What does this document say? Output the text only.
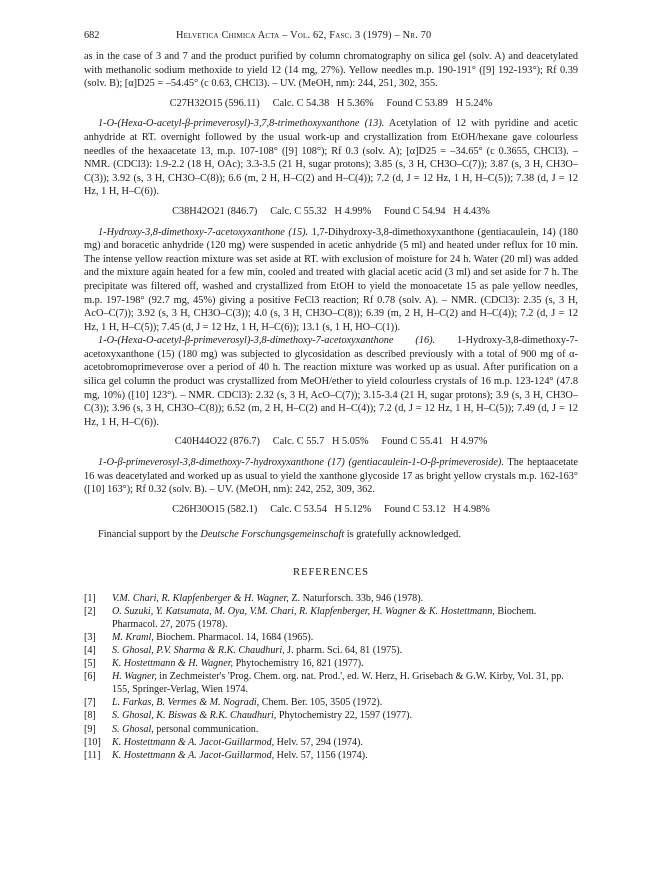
682	Helvetica Chimica Acta – Vol. 62, Fasc. 3 (1979) – Nr. 70

as in the case of 3 and 7 and the product purified by column chromatography on silica gel (solv. A) and deacetylated with methanolic sodium methoxide to yield 12 (14 mg, 27%). Yellow needles m.p. 190-191° ([9] 192-193°); Rf 0.39 (solv. B); [α]D25 = –54.45° (c 0.63, CHCl3). – UV. (MeOH, nm): 244, 251, 302, 355.

C27H32O15 (596.11)     Calc. C 54.38   H 5.36%     Found C 53.89   H 5.24%

1-O-(Hexa-O-acetyl-β-primeverosyl)-3,7,8-trimethoxyxanthone (13). Acetylation of 12 with pyridine and acetic anhydride at RT. overnight followed by the usual work-up and crystallization from EtOH/hexane gave colourless needles of the hexaacetate 13, m.p. 107-108° ([9] 108°); Rf 0.3 (solv. A); [α]D25 = –34.65° (c 0.3655, CHCl3). – NMR. (CDCl3): 1.9-2.2 (18 H, OAc); 3.3-3.5 (21 H, sugar protons); 3.85 (s, 3 H, CH3O–C(7)); 3.87 (s, 3 H, CH3O–C(3)); 3.92 (s, 3 H, CH3O–C(8)); 6.6 (m, 2 H, H–C(2) and H–C(4)); 7.2 (d, J = 12 Hz, 1 H, H–C(5)); 7.38 (d, J = 12 Hz, 1 H, H–C(6)).

C38H42O21 (846.7)     Calc. C 55.32   H 4.99%     Found C 54.94   H 4.43%

1-Hydroxy-3,8-dimethoxy-7-acetoxyxanthone (15). 1,7-Dihydroxy-3,8-dimethoxyxanthone (gentiacaulein, 14) (180 mg) and boracetic anhydride (120 mg) were suspended in acetic anhydride (5 ml) and heated under reflux for 10 min. The intense yellow reaction mixture was set aside at RT. with exclusion of moisture for 24 h. Water (20 ml) was added and the mixture again heated for a few min, cooled and treated with glacial acetic acid (3 ml) and set aside for 7 h. The precipitate was filtered off, washed and crystallized from EtOH to yield the monoacetate 15 as pale yellow needles, m.p. 197-198° (92.7 mg, 45%) giving a positive FeCl3 reaction; Rf 0.78 (solv. A). – NMR. (CDCl3): 2.35 (s, 3 H, AcO–C(7)); 3.92 (s, 3 H, CH3O–C(3)); 4.0 (s, 3 H, CH3O–C(8)); 6.39 (m, 2 H, H–C(2) and H–C(4)); 7.2 (d, J = 12 Hz, 1 H, H–C(5)); 7.45 (d, J = 12 Hz, 1 H, H–C(6)); 13.1 (s, 1 H, HO–C(1)).

1-O-(Hexa-O-acetyl-β-primeverosyl)-3,8-dimethoxy-7-acetoxyxanthone (16). 1-Hydroxy-3,8-dimethoxy-7-acetoxyxanthone (15) (180 mg) was subjected to glycosidation as described previously with a total of 900 mg of α-acetobromoprimeverose over a period of 40 h. The reaction mixture was worked up as usual. After purification on a silica gel column the product was crystallized from MeOH/ether to yield colourless crystals of 16 m.p. 123-124° (47.8 mg, 10%) ([10] 123°). – NMR. CDCl3): 2.32 (s, 3 H, AcO–C(7)); 3.15-3.4 (21 H, sugar protons); 3.9 (s, 3 H, CH3O–C(3)); 3.96 (s, 3 H, CH3O–C(8)); 6.52 (m, 2 H, H–C(2) and H–C(4)); 7.2 (d, J = 12 Hz, 1 H, H–C(5)); 7.49 (d, J = 12 Hz, 1 H, H–C(6)).

C40H44O22 (876.7)     Calc. C 55.7   H 5.05%     Found C 55.41   H 4.97%

1-O-β-primeverosyl-3,8-dimethoxy-7-hydroxyxanthone (17) (gentiacaulein-1-O-β-primeveroside). The heptaacetate 16 was deacetylated and worked up as usual to yield the xanthone glycoside 17 as bright yellow crystals m.p. 162-163° ([10] 163°); Rf 0.32 (solv. B). – UV. (MeOH, nm): 242, 252, 309, 362.

C26H30O15 (582.1)     Calc. C 53.54   H 5.12%     Found C 53.12   H 4.98%

Financial support by the Deutsche Forschungsgemeinschaft is gratefully acknowledged.

REFERENCES
[1] V.M. Chari, R. Klapfenberger & H. Wagner, Z. Naturforsch. 33b, 946 (1978).
[2] O. Suzuki, Y. Katsumata, M. Oya, V.M. Chari, R. Klapfenberger, H. Wagner & K. Hostettmann, Biochem. Pharmacol. 27, 2075 (1978).
[3] M. Kraml, Biochem. Pharmacol. 14, 1684 (1965).
[4] S. Ghosal, P.V. Sharma & R.K. Chaudhuri, J. pharm. Sci. 64, 81 (1975).
[5] K. Hostettmann & H. Wagner, Phytochemistry 16, 821 (1977).
[6] H. Wagner, in Zechmeister's 'Prog. Chem. org. nat. Prod.', ed. W. Herz, H. Grisebach & G.W. Kirby, Vol. 31, pp. 155, Springer-Verlag, Wien 1974.
[7] L. Farkas, B. Vermes & M. Nogradi, Chem. Ber. 105, 3505 (1972).
[8] S. Ghosal, K. Biswas & R.K. Chaudhuri, Phytochemistry 22, 1597 (1977).
[9] S. Ghosal, personal communication.
[10] K. Hostettmann & A. Jacot-Guillarmod, Helv. 57, 294 (1974).
[11] K. Hostettmann & A. Jacot-Guillarmod, Helv. 57, 1156 (1974).
